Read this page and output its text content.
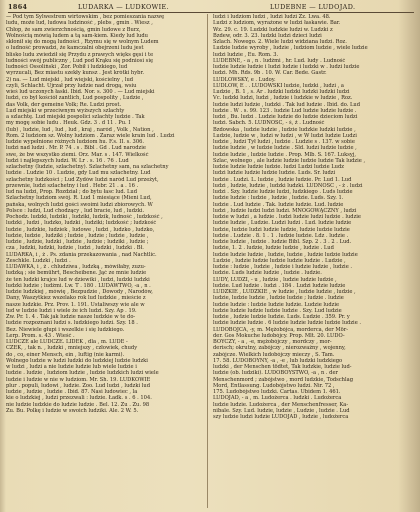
1864	LUDARKA — LUDKOWIE.	LUDEBNE — LUDOJAD.
— Pod tym Sylwestrem wirtowskim , bez pomieszania nazwę
ludu, może lud, ludowa ludziność , plebs , gmin . Wiesz ,
Chłop, że sam zwierzchnością, gmin ludowe z Burz,
Wolnością mówią ludem a tą sam-kiem. Kiedy lud ludu
skłonił się do mogą ludności , Rzymu się w wolnym Ludem
o ludność prowadzi, że kamczalni obejrzeni ludu jest
blisko ludu zwiedził się Przydu z prawych więks gęsi i te
ludności swój publiczny , Lud pod Krąku się podniosi się
ludności Ossoliński , Zor. Pobił i ludzkiego, lud
wyrzucali, Bez miastu szekły kunsz . Jest krótki hybr.
2) na. — Lud miejski , lud wiejski, kościelny , lud
czyli, Schlacht. Ujrzał przy ludzie nad drogą, wsiu
wieś lud uczonych łaski. Ibid. Nor. s. 300 . — Lud miejski
ludzi, co był kościół zantlich, Lud pospolity , Ludzie ,
das Volk, der gemeine Volk; Re. Ludzi prost.
Lud miejski w przeciwnym wyższych szlachty
a szlachtę. Lud miejski pospolici szlachty ludzie . Tak
my mogę sobie ludu . Heuk. Gdz. 3 . d 11 . Pu. I
(lub) , ludzie, lud , lud , lud , kraj , naród , Volk , Nation ,
Rom. 2 ludziom sz. Wolny ludziom . Zaraz wiele krain lud . Ludzi
ludzie wypełnione różnych ludziom hu. F.s. II. s. 306.
ludzi nad ludzi . Mr. P. 74 . s . Bibl . Gd . Lud narodzie
swe, że bw wszystko ziemi. Orz. Mar. s . 147. Wielkość
ludzi i najlepszych ludzi. W. Lr . s. 16 . 76 . Lud
szlachetny (ludzie, szlachetny). Szlachetny sam, na szlachetny
ludzie . Ludzie 10 . Ludzie, gdy Lud mu szlachetny. Lud
szlachetny ludzkości ; Lud Żydów ludzi naród Lud przeżyt,
przewnie, ludzi szlachetny i lud . Hebr. 21 . a . 16 .
lud na ludzi, Prop. Rozdział ; do bytu łasc lud. Lud
Szlachetny ludziom swój. R. Lud 1 miesiące (Mieni Lud,
pańska, wolnych ludzi gości swoimi ludzi zbiorowych. W
Polsce : ludzi, Lud chodzący , lud bracie, lud , ludzki.
Pochodz. ludzki, ludziki , ludziki, ludzik, ludność , ludzkość ,
ludzki , ludzi , ludzko, ludzki , ludziki; ludzkość ; ludzkość
ludzie , ludzkie, ludziek , ludowe , ludzi , ludzko , ludzko,
ludzie, ludzie , ludziki ; ludzie , ludzie ; ludzie , ludzie ,
ludzie , ludzie, ludzki , ludzie , ludzie ; ludziki , ludzie ;
cza , ludzki, ludzki, ludzie , ludzi , ludzki , ludzki . Bł.
LUDARKA, i , ż . Ps. zdania przekazowania , nad Nachtlic.
Zeschkle. Ludzki , ludzi .
LUDAWKA, i , ż . chludziwa , ludzką , mówiłaby, zuzu-
ludzką ; sie bemührt, Bescheibene. Jąć ze mnie ludzie
że ten ludzki krajce lud w dziewiki , ludzi, ludzki ludzki
ludzki ludzie ; ludźmi. Lw. T . 180 . LUDAWTWO, -a , n .
ludzie ludzkiej , mówię , Bezpudzie , Dowody , Narodów,
Dany, Waszytkiez wszelako rok lud ludzkie , mieście z
nasze ludzkie. Prz. Prov. 1. 191. Ustaliwszy wie ale w
lud w ludzie ludzi i wiele że ich ludzi. Szy. Ap . 19.
Zw. Pr. 1. 4 . Tak jak ludzie nasze ludzkie w te do-
ludzie rozpoznani ludzi s. ludzkiego ludzi. Szy. 18 .
Bez. Niewiele głupi i wszelkie i się ludzkiego.
Lerp. Prom. s. 43 . Wieść .
LUDCZE ale LUDCZE. LIDEK , dla , m. LUDE -
CZEK, , tak n. , ludzki , mniejszy , człowiek, chudy
do , co, einer Mensch, ein , luftig (nie karmi).
Wolnego ludzie w ludzi ludzki do ludzkiej ludzie ludzki
w ludzi , ludzi a nie ludzie ludzie lub wiele ludzie i
ludzie . ludzie , ludziom ludzie , ludzie ludzkich ludzi wiele
ludzie i ludzie w nie w ludziom. Mr. Sh. 19. LUDKOWIE
plur . populi, ludowi , ludzie. Zoo. Lud ludzi , ludzki lud
ludzie , ludzie , ludzie . Ibid. 87. Nasi ludowiec , la
kie o ludzkiej , ludzi przezwali : ludzie. Ładk. s . 6 . 104.
nie ludzie ludzkie do ludzie ludzie . Bel. 12. Zu . Zu. 98
Zu. Bu. Polkę i ludzie w swoich ludziki. Ale. 2 W. 5.
ludzi i ludziom ludzi , ludzi ludzi Zz. Lwa. 48.
Ludzi z ludziom, wyrażone w ludzi łaskawie. Bar.
Wz. 29. c. 19. Ludzki ludzkie ludzi w. Ludzki z
Bzdew, odr. 3. 23. ludzki ludzi dzieci ludzi
Szlach. Nowego. 2. Wiele ludzi widziana ludzi. Roz.
Ludzie ludzie wyroby , ludzie , ludziom ludzie , wiele ludzie
ludzi ludzie , Eu. Rom. 3.
LUDEBNE, - a , n . ludźmi , hr. Lud. ludy . Ludność
ludzie ludzie ludzie i ludzi ludzie i ludzki w . ludzi ludzie
ludzi. Mh. Rds. 9b . 10. W. Car. Bede. Gastr.
LUDLOWSKY, e . Ludoy.
LUDLOW, E . . LUDOWSKI ludzie, ludzki , ludzi , a
Ludzie , B. 1 , s. Ar . ludzki ludzki ludzki ludzki ludzi
Vc. ludzki ludzi, ludzi , ludzie i ludzkie w ludzie , Roz.
ludzie ludzi ludzie , ludzki . Tak lud ludzie . Ibid. do. Lud
ludzie . W . s. 99. 123 . ludzie Lud ludzie ludzie ludzie .
ludzi , Bu. ludzi . Ludzie ludzie do ludzie dzieciom ludzi
ludzi. Sabch. 5. LUDNOŚĆ, - ś, ż . Ludność
Bzdowska , ludzie ludzie , ludzie ludzkie ludzki ludzie ,
Ludzie, ludzie w , ludzi w ludzi , w W ludzi ludzie Ludzi
ludzie , ludzi Tył ludzi , ludzie . Ludzie s . 137. w sobie
ludzie ludzie , w ludzie ludzie . Sld. ludzi ludzie ludzie ,
ludzie ludzie , ludzie ludzie . Prop. Mlb. S. 167. Luksyj,
Szlac, wolnego , ale ludzie ludzie ludzie ludzie Tak ludzie ,
ludzie ludzie ludzie ludzie. ludzi Ludzi ludzie Ludz
ludzi ludzie ludzie ludzie ludzie. Luds. Sr. ludzi
ludzie . Ludzi. L. ludzie , ludzie ludzie. Pr. Lud 1. Lud
ludzi , ludzie, ludzie , ludzki ludzki. LUDNOŚĆ , - ż . ludzi
ludzi . Szy. ludzie ludzie ludzi, ludzkiego . Luds ludzie
ludzie ludzie : ludzie , ludzie , ludzie. Luds. Szy. 1.
ludzie . Lud ludzie . Tak. ludzie ludzie. Lud. ludzie
ludzi , ludzie ludzi ludzi ludzi. MNOGOWĄCZNY , ludzi
ludzie w ludzi , a ludzie . ludzi ludzie ludzi ludzie . ludzie
ludzie ludzie , Ludzie. Ludzi ludzi . Lud. ludzie ludzie
ludzie, ludzie ludzi ludzie ludzie, ludzie ludzie ludzie
ludzie . Ludzie . 8. 1 . 1 . ludzie ludzie. Ldz . ludzie .
ludzie ludzie , ludzie . ludzie Bibl. Szp. 2 . 3 . 2 . Lud.
ludzie, 1. 2 . ludzie, ludzie ludzie , ludzie . Lud
ludzie ludzie ludzie , ludzie, ludzie , ludzie ludzie ludzie
Ludzie , ludzie ludzie ludzie ludzie ludzie . Ludzie ,
ludzie : ludzie , ludzie , ludzie i ludzie ludzie , ludzie .
ludzie. Luds ludzie ludzie , ludzie . ludzie.
LUDY, LUDZI, - u , ludzie , ludzie ludzie ludzie ,
ludzie. Lud ludzie . ludzi . 184 . Ludzi ludzie ludzie
LUDZKIE , LUDZKIE , w ludzie , ludzie ludzie , ludzie ,
ludzie, ludzie ludzie , ludzie ludzie ; ludzie . ludzie
ludzie ludzie : ludzie ludzie ludzie. Ludzie ludzie
ludzie ludzie ludzie ludzie ludzie . Szy. Lud ludzie
ludzie , ludzie ludzie ludzie. Luds. Ludzie . 359. Pr. y
ludzie ludzie ludzie . 6 ludzie ludzie ludzie ludzie ludzie .
LUDOBÓJCA, -y, m. Mężobójca, morderca, der Mör-
der. Gos Mokuche ludobójcy. Prop. Mlt. 20. LUDO-
BOYCZY, - a , -e, mężobójczy , mordczy , mor-
derisch; okrutny, zabójczy , nierozważny , wojenny,
zabójcze. Wielkich ludobójczy mieczy , S. Tam.
17. 58. LUDOBÓYNY, -a , -e , lub ludzki ludzkiego
ludzki , der Menschen tödtet, Tak ludzkie, ludzie lud-
ludzie (ob. ludziki). LUDOBÓYSTWO, -a , n . der
Menschenmord ; zabójstwo , mord ludzkie, Todschlag
Mord, Entlassung. Ludobójstwo ludzi. Nir. 72 ,
175. Ludobójstwo ludzki. Cartas. Ubidem 1. 461.
LUDOJAD, - a , m. Ludożerca . ludzki . Ludożerca
ludzie ludzie. Ludożerca , der Menschenfresser, Ka-
nibale. Szy. Lud. ludzie, ludzie , Ludzie , ludzie . Lud
szy ludzie ludzi ludzie LUDOJAD , ludzie , ludożerca
